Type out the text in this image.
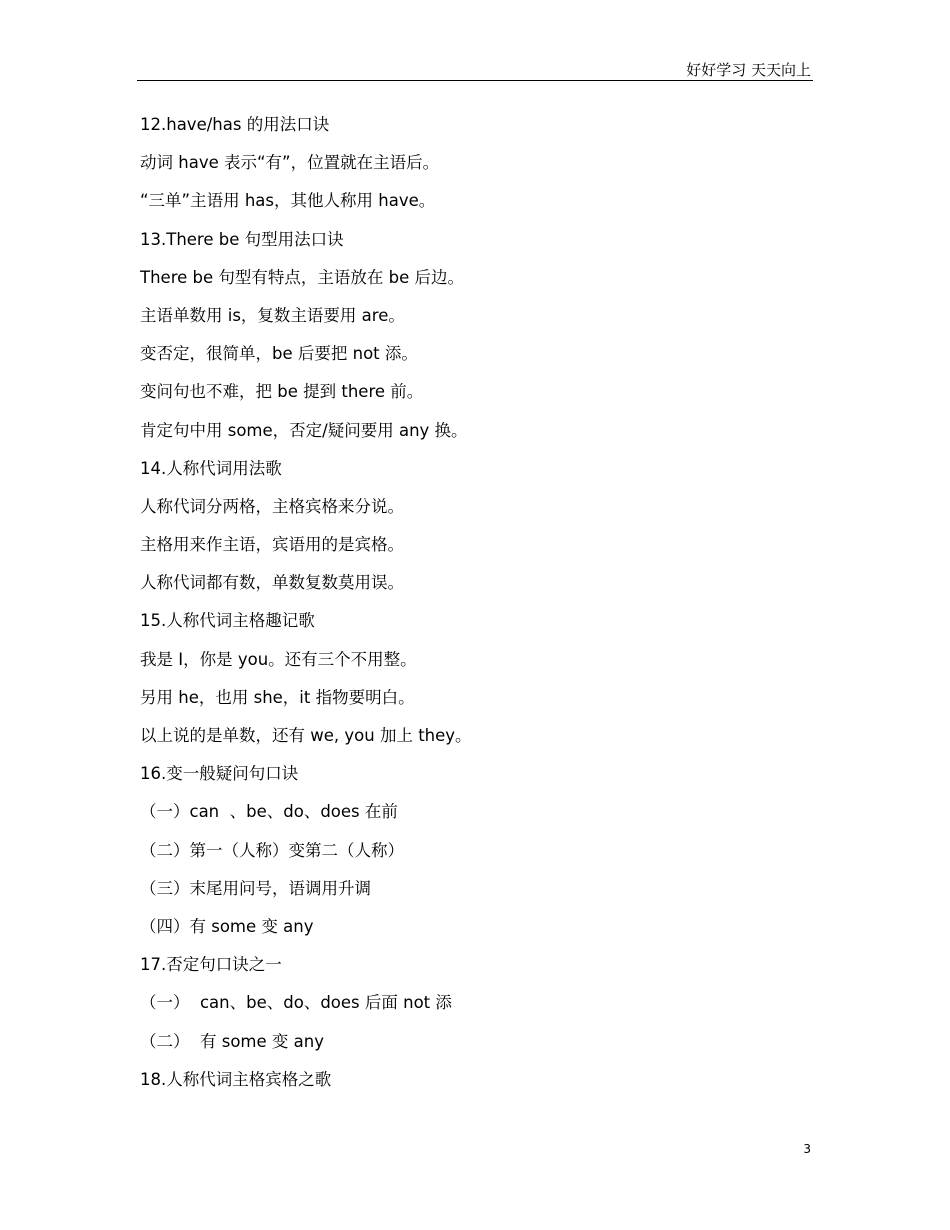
好好学习 天天向上
12.have/has 的用法口诀
动词 have 表示“有”，位置就在主语后。
“三单”主语用 has，其他人称用 have。
13.There be 句型用法口诀
There be 句型有特点，主语放在 be 后边。
主语单数用 is，复数主语要用 are。
变否定，很简单，be 后要把 not 添。
变问句也不难，把 be 提到 there 前。
肯定句中用 some，否定/疑问要用 any 换。
14.人称代词用法歌
人称代词分两格，主格宾格来分说。
主格用来作主语，宾语用的是宾格。
人称代词都有数，单数复数莫用误。
15.人称代词主格趣记歌
我是 I，你是 you。还有三个不用整。
另用 he，也用 she，it 指物要明白。
以上说的是单数，还有 we, you 加上 they。
16.变一般疑问句口诀
（一）can  、be、do、does 在前
（二）第一（人称）变第二（人称）
（三）末尾用问号，语调用升调
（四）有 some 变 any
17.否定句口诀之一
（一）  can、be、do、does 后面 not 添
（二）  有 some 变 any
18.人称代词主格宾格之歌
3
